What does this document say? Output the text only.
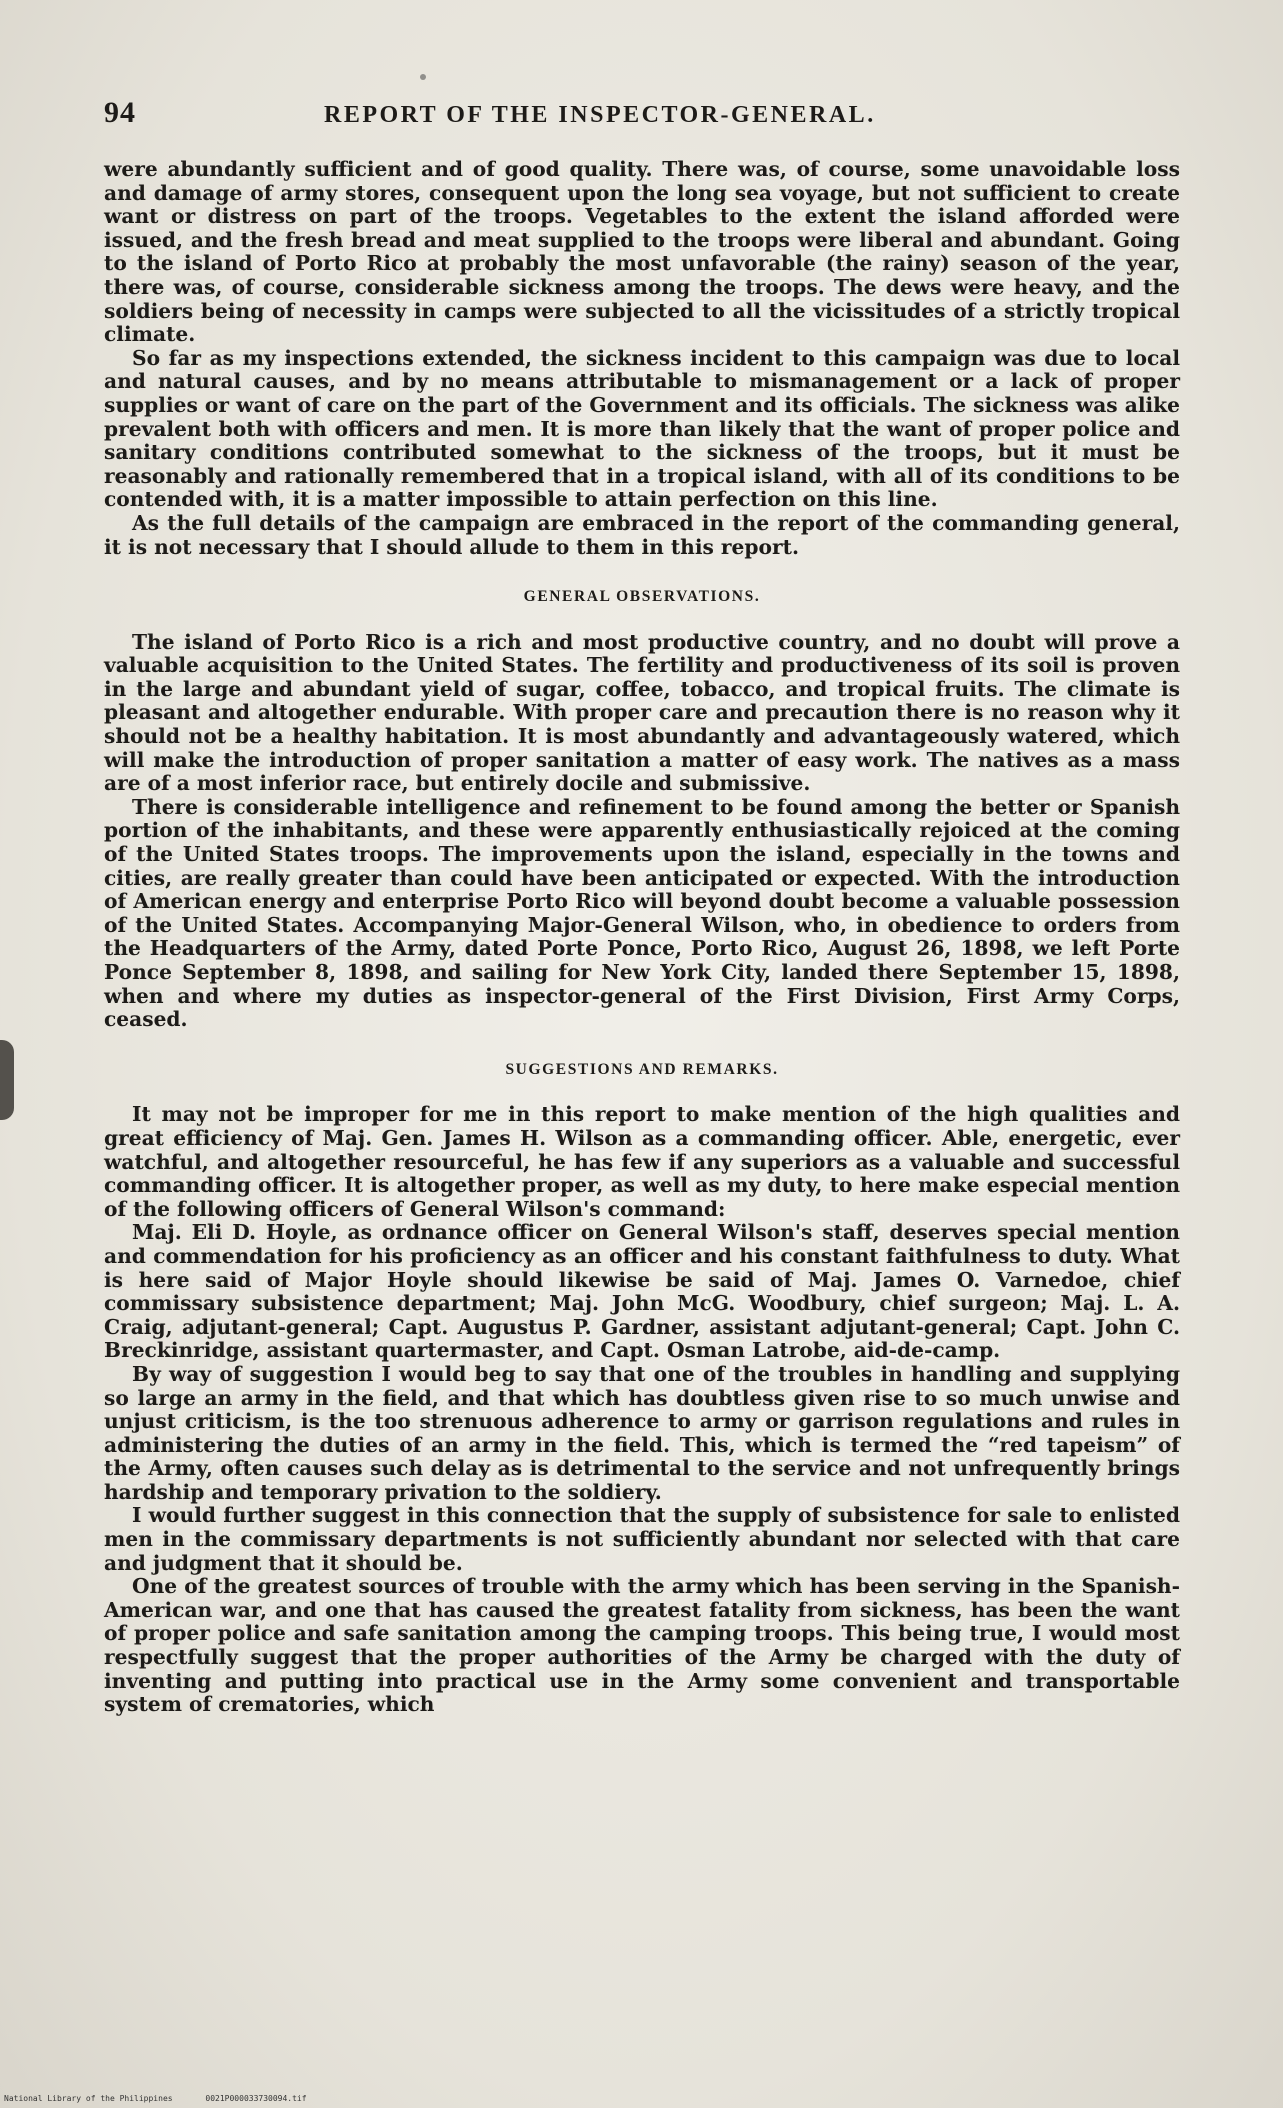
94	REPORT OF THE INSPECTOR-GENERAL.

were abundantly sufficient and of good quality. There was, of course, some unavoidable loss and damage of army stores, consequent upon the long sea voyage, but not sufficient to create want or distress on part of the troops. Vegetables to the extent the island afforded were issued, and the fresh bread and meat supplied to the troops were liberal and abundant. Going to the island of Porto Rico at probably the most unfavorable (the rainy) season of the year, there was, of course, considerable sickness among the troops. The dews were heavy, and the soldiers being of necessity in camps were subjected to all the vicissitudes of a strictly tropical climate.

So far as my inspections extended, the sickness incident to this campaign was due to local and natural causes, and by no means attributable to mismanagement or a lack of proper supplies or want of care on the part of the Government and its officials. The sickness was alike prevalent both with officers and men. It is more than likely that the want of proper police and sanitary conditions contributed somewhat to the sickness of the troops, but it must be reasonably and rationally remembered that in a tropical island, with all of its conditions to be contended with, it is a matter impossible to attain perfection on this line.

As the full details of the campaign are embraced in the report of the commanding general, it is not necessary that I should allude to them in this report.

GENERAL OBSERVATIONS.

The island of Porto Rico is a rich and most productive country, and no doubt will prove a valuable acquisition to the United States. The fertility and productiveness of its soil is proven in the large and abundant yield of sugar, coffee, tobacco, and tropical fruits. The climate is pleasant and altogether endurable. With proper care and precaution there is no reason why it should not be a healthy habitation. It is most abundantly and advantageously watered, which will make the introduction of proper sanitation a matter of easy work. The natives as a mass are of a most inferior race, but entirely docile and submissive.

There is considerable intelligence and refinement to be found among the better or Spanish portion of the inhabitants, and these were apparently enthusiastically rejoiced at the coming of the United States troops. The improvements upon the island, especially in the towns and cities, are really greater than could have been anticipated or expected. With the introduction of American energy and enterprise Porto Rico will beyond doubt become a valuable possession of the United States. Accompanying Major-General Wilson, who, in obedience to orders from the Headquarters of the Army, dated Porte Ponce, Porto Rico, August 26, 1898, we left Porte Ponce September 8, 1898, and sailing for New York City, landed there September 15, 1898, when and where my duties as inspector-general of the First Division, First Army Corps, ceased.

SUGGESTIONS AND REMARKS.

It may not be improper for me in this report to make mention of the high qualities and great efficiency of Maj. Gen. James H. Wilson as a commanding officer. Able, energetic, ever watchful, and altogether resourceful, he has few if any superiors as a valuable and successful commanding officer. It is altogether proper, as well as my duty, to here make especial mention of the following officers of General Wilson's command:

Maj. Eli D. Hoyle, as ordnance officer on General Wilson's staff, deserves special mention and commendation for his proficiency as an officer and his constant faithfulness to duty. What is here said of Major Hoyle should likewise be said of Maj. James O. Varnedoe, chief commissary subsistence department; Maj. John McG. Woodbury, chief surgeon; Maj. L. A. Craig, adjutant-general; Capt. Augustus P. Gardner, assistant adjutant-general; Capt. John C. Breckinridge, assistant quartermaster, and Capt. Osman Latrobe, aid-de-camp.

By way of suggestion I would beg to say that one of the troubles in handling and supplying so large an army in the field, and that which has doubtless given rise to so much unwise and unjust criticism, is the too strenuous adherence to army or garrison regulations and rules in administering the duties of an army in the field. This, which is termed the “red tapeism” of the Army, often causes such delay as is detrimental to the service and not unfrequently brings hardship and temporary privation to the soldiery.

I would further suggest in this connection that the supply of subsistence for sale to enlisted men in the commissary departments is not sufficiently abundant nor selected with that care and judgment that it should be.

One of the greatest sources of trouble with the army which has been serving in the Spanish-American war, and one that has caused the greatest fatality from sickness, has been the want of proper police and safe sanitation among the camping troops. This being true, I would most respectfully suggest that the proper authorities of the Army be charged with the duty of inventing and putting into practical use in the Army some convenient and transportable system of crematories, which

National Library of the Philippines	0021P000033730094.tif
